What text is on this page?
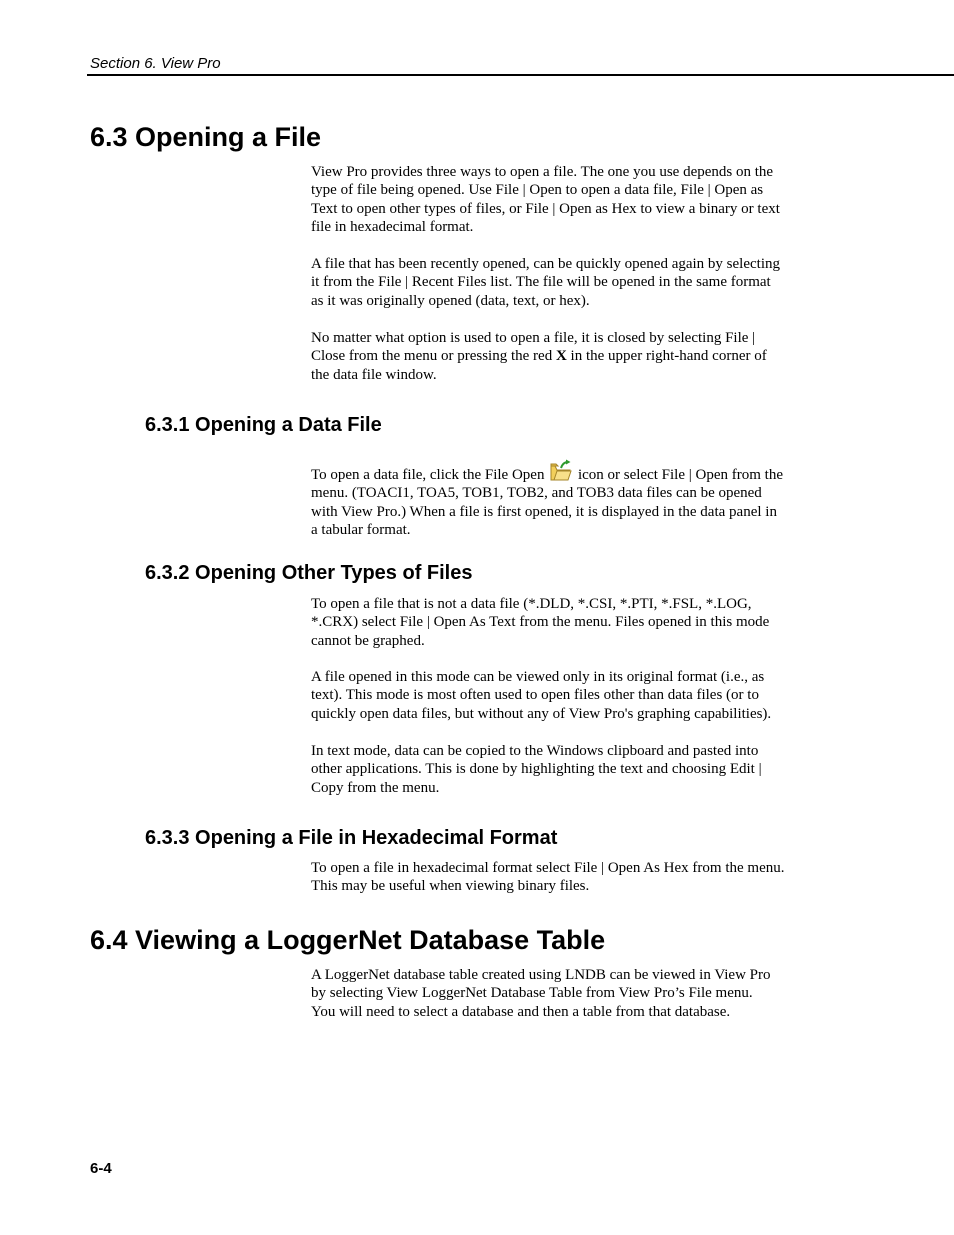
Section 6. View Pro
6.3 Opening a File

View Pro provides three ways to open a file. The one you use depends on the
type of file being opened. Use File | Open to open a data file, File | Open as
Text to open other types of files, or File | Open as Hex to view a binary or text
file in hexadecimal format.

A file that has been recently opened, can be quickly opened again by selecting
it from the File | Recent Files list. The file will be opened in the same format
as it was originally opened (data, text, or hex).

No matter what option is used to open a file, it is closed by selecting File |
Close from the menu or pressing the red X in the upper right-hand corner of
the data file window.

6.3.1 Opening a Data File

To open a data file, click the File Open  icon or select File | Open from the
menu. (TOACI1, TOA5, TOB1, TOB2, and TOB3 data files can be opened
with View Pro.) When a file is first opened, it is displayed in the data panel in
a tabular format.

6.3.2 Opening Other Types of Files

To open a file that is not a data file (*.DLD, *.CSI, *.PTI, *.FSL, *.LOG,
*.CRX) select File | Open As Text from the menu. Files opened in this mode
cannot be graphed.

A file opened in this mode can be viewed only in its original format (i.e., as
text). This mode is most often used to open files other than data files (or to
quickly open data files, but without any of View Pro's graphing capabilities).

In text mode, data can be copied to the Windows clipboard and pasted into
other applications. This is done by highlighting the text and choosing Edit |
Copy from the menu.

6.3.3 Opening a File in Hexadecimal Format

To open a file in hexadecimal format select File | Open As Hex from the menu.
This may be useful when viewing binary files.

6.4 Viewing a LoggerNet Database Table

A LoggerNet database table created using LNDB can be viewed in View Pro
by selecting View LoggerNet Database Table from View Pro’s File menu.
You will need to select a database and then a table from that database.

6-4
